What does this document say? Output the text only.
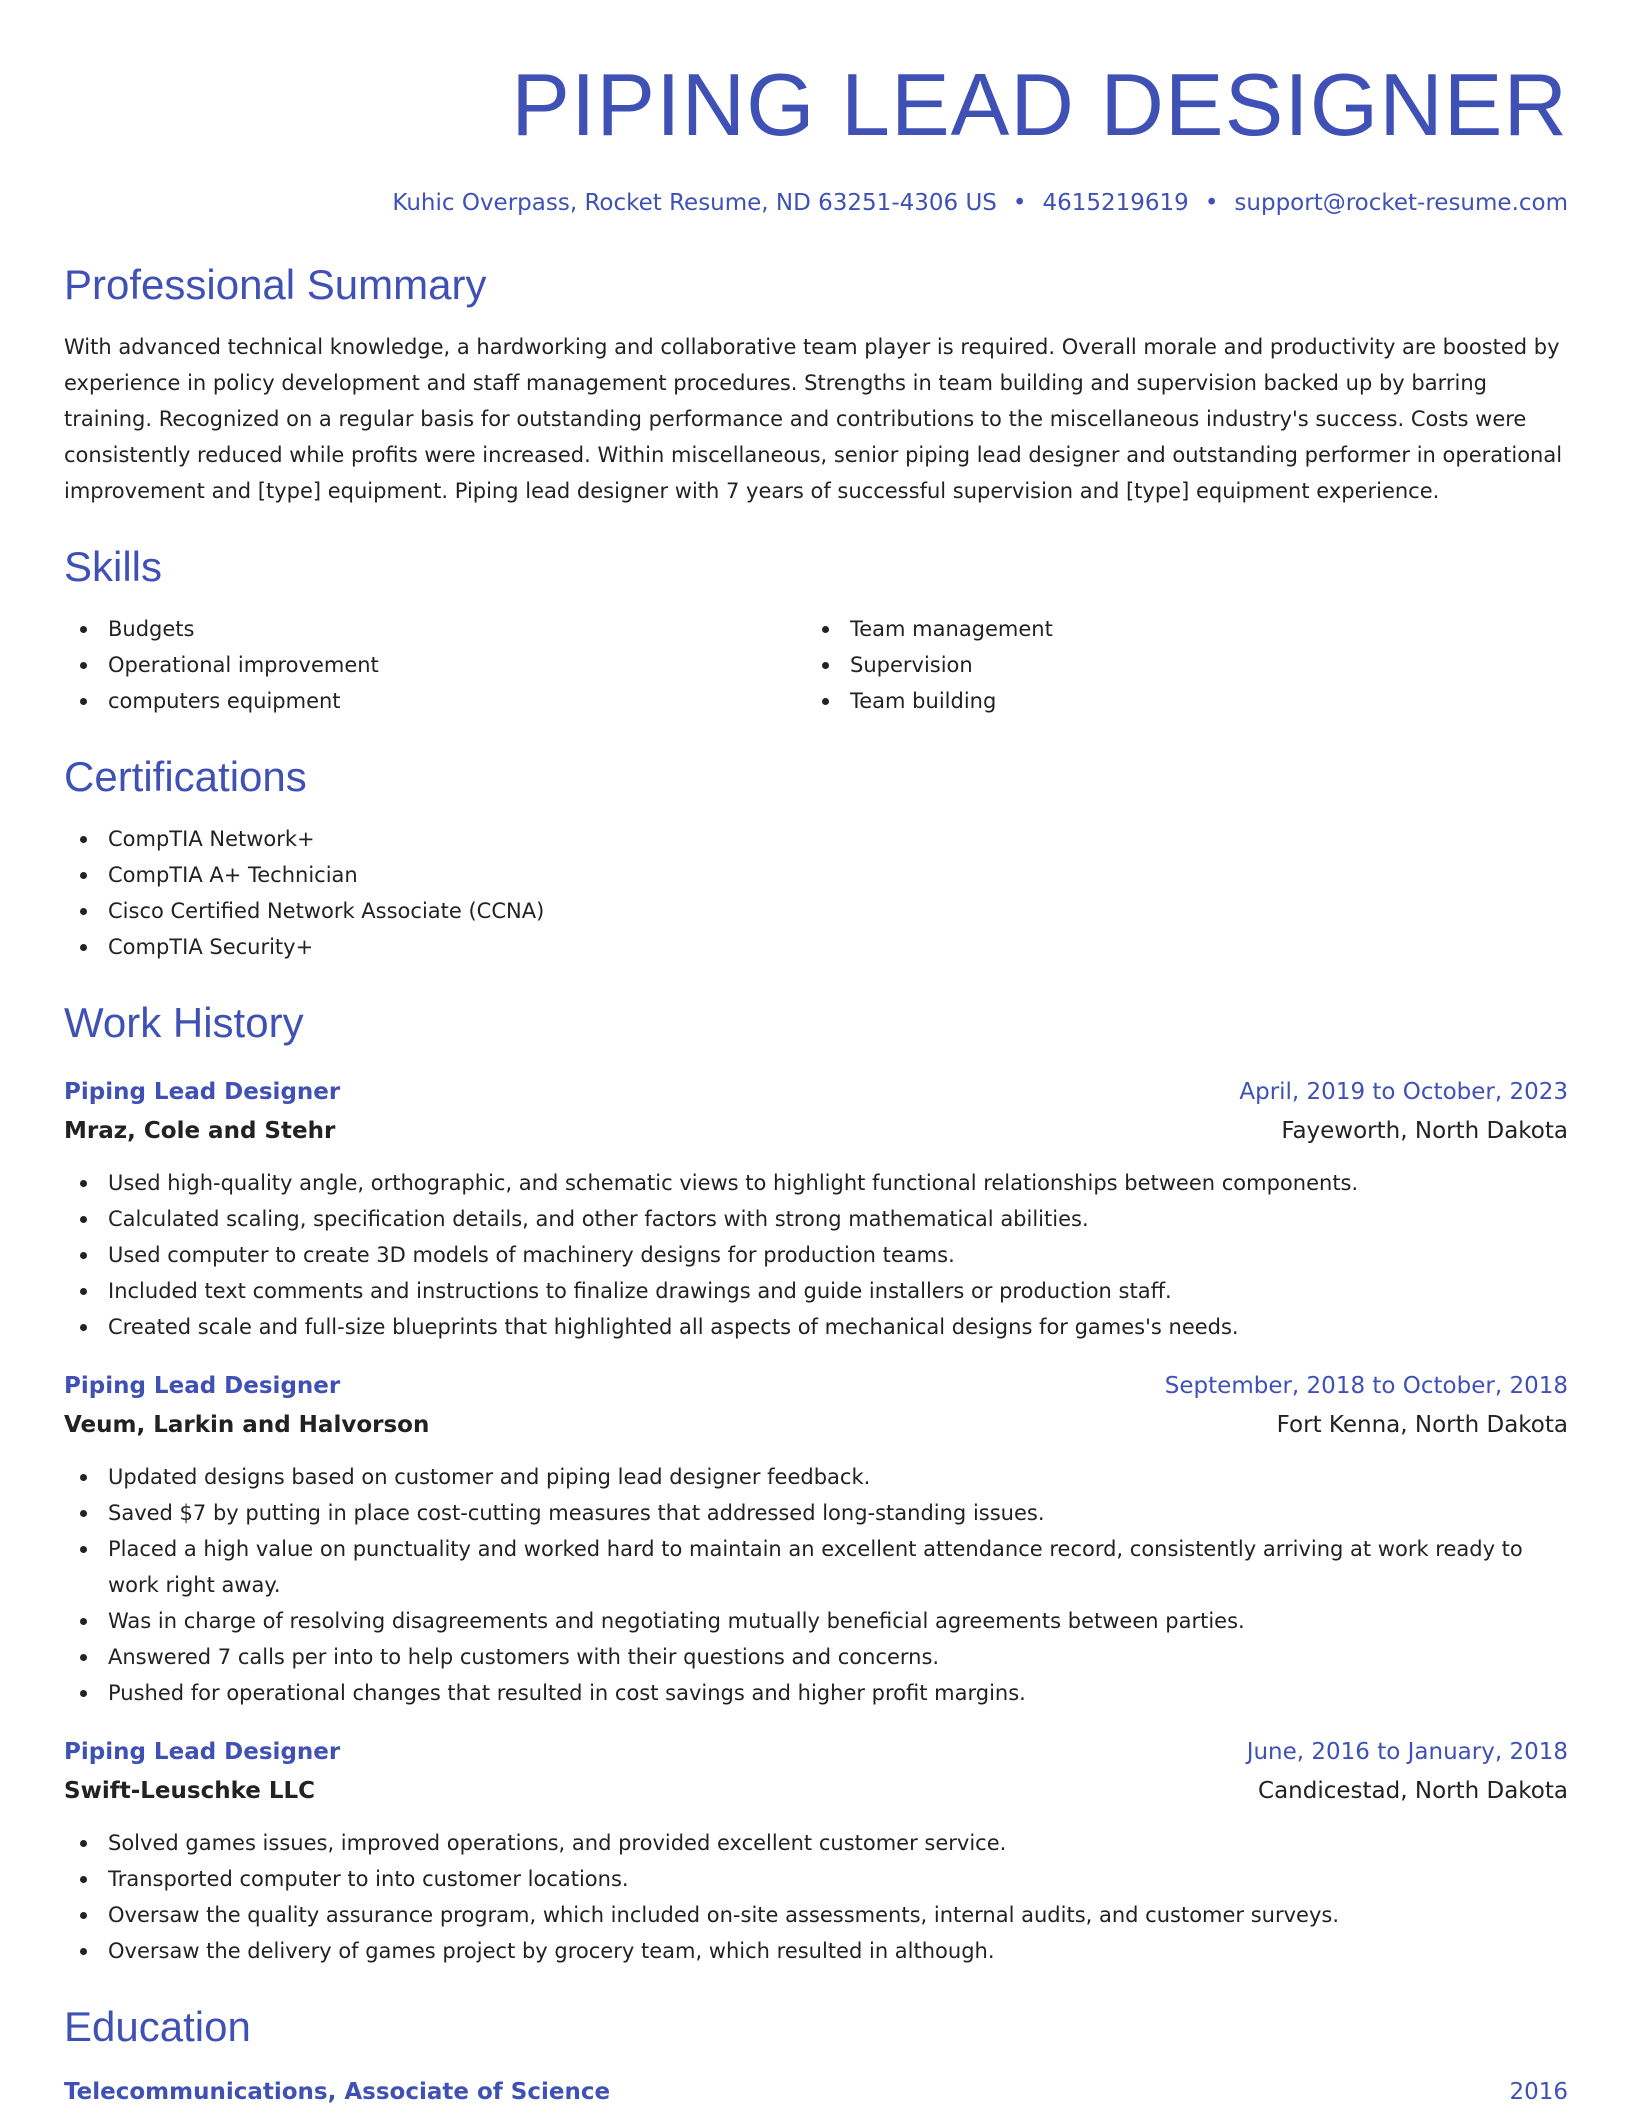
PIPING LEAD DESIGNER
Kuhic Overpass, Rocket Resume, ND 63251-4306 US • 4615219619 • support@rocket-resume.com
Professional Summary
With advanced technical knowledge, a hardworking and collaborative team player is required. Overall morale and productivity are boosted by experience in policy development and staff management procedures. Strengths in team building and supervision backed up by barring training. Recognized on a regular basis for outstanding performance and contributions to the miscellaneous industry's success. Costs were consistently reduced while profits were increased. Within miscellaneous, senior piping lead designer and outstanding performer in operational improvement and [type] equipment. Piping lead designer with 7 years of successful supervision and [type] equipment experience.
Skills
Budgets
Operational improvement
computers equipment
Team management
Supervision
Team building
Certifications
CompTIA Network+
CompTIA A+ Technician
Cisco Certified Network Associate (CCNA)
CompTIA Security+
Work History
Piping Lead Designer	April, 2019 to October, 2023
Mraz, Cole and Stehr	Fayeworth, North Dakota
Used high-quality angle, orthographic, and schematic views to highlight functional relationships between components.
Calculated scaling, specification details, and other factors with strong mathematical abilities.
Used computer to create 3D models of machinery designs for production teams.
Included text comments and instructions to finalize drawings and guide installers or production staff.
Created scale and full-size blueprints that highlighted all aspects of mechanical designs for games's needs.
Piping Lead Designer	September, 2018 to October, 2018
Veum, Larkin and Halvorson	Fort Kenna, North Dakota
Updated designs based on customer and piping lead designer feedback.
Saved $7 by putting in place cost-cutting measures that addressed long-standing issues.
Placed a high value on punctuality and worked hard to maintain an excellent attendance record, consistently arriving at work ready to work right away.
Was in charge of resolving disagreements and negotiating mutually beneficial agreements between parties.
Answered 7 calls per into to help customers with their questions and concerns.
Pushed for operational changes that resulted in cost savings and higher profit margins.
Piping Lead Designer	June, 2016 to January, 2018
Swift-Leuschke LLC	Candicestad, North Dakota
Solved games issues, improved operations, and provided excellent customer service.
Transported computer to into customer locations.
Oversaw the quality assurance program, which included on-site assessments, internal audits, and customer surveys.
Oversaw the delivery of games project by grocery team, which resulted in although.
Education
Telecommunications, Associate of Science	2016
